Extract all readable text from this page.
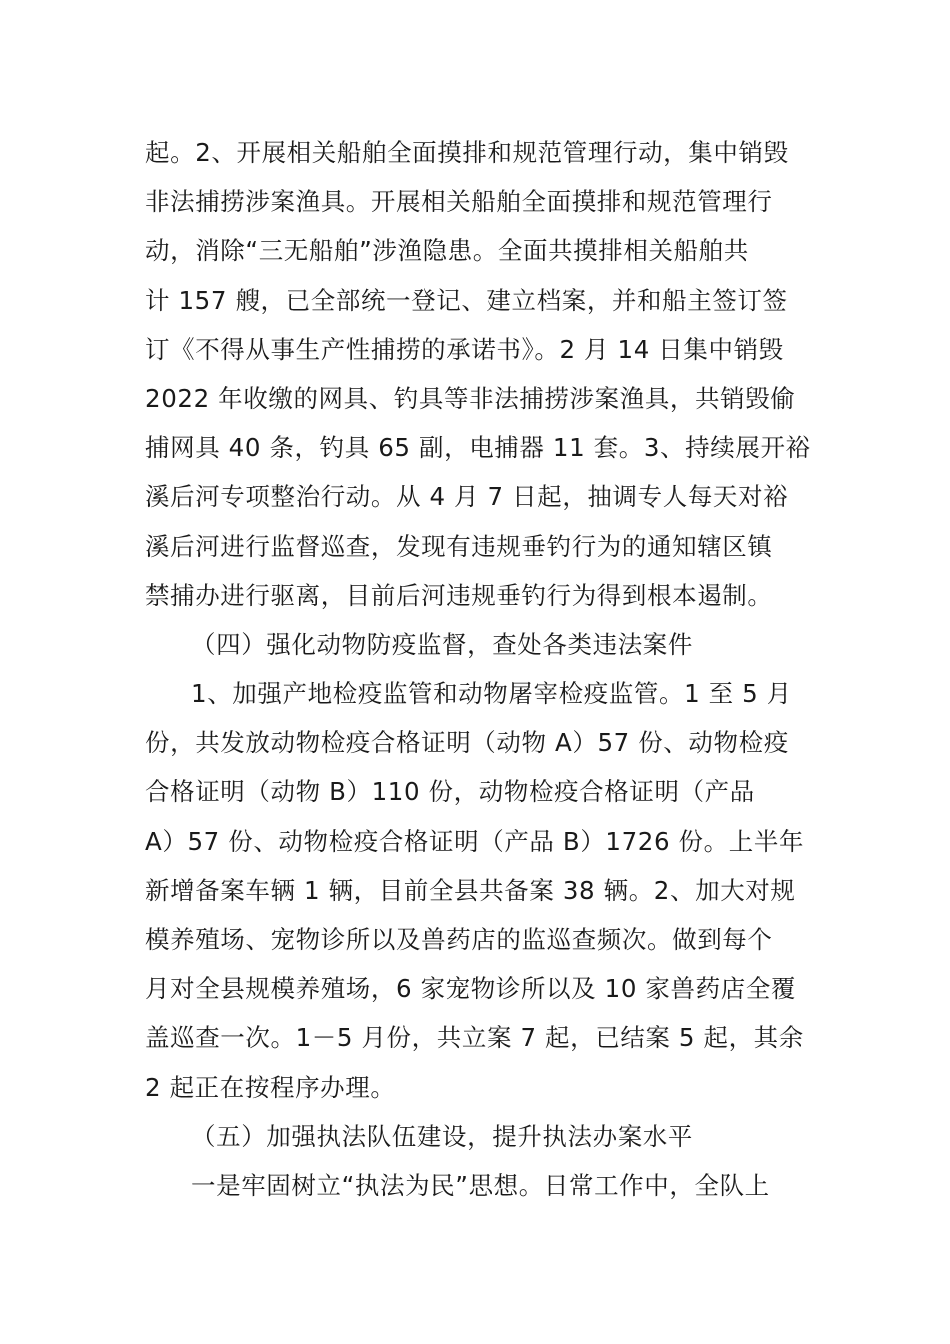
起。2、开展相关船舶全面摸排和规范管理行动，集中销毁
非法捕捞涉案渔具。开展相关船舶全面摸排和规范管理行
动，消除“三无船舶”涉渔隐患。全面共摸排相关船舶共
计 157 艘，已全部统一登记、建立档案，并和船主签订签
订《不得从事生产性捕捞的承诺书》。2 月 14 日集中销毁
2022 年收缴的网具、钓具等非法捕捞涉案渔具，共销毁偷
捕网具 40 条，钓具 65 副，电捕器 11 套。3、持续展开裕
溪后河专项整治行动。从 4 月 7 日起，抽调专人每天对裕
溪后河进行监督巡查，发现有违规垂钓行为的通知辖区镇
禁捕办进行驱离，目前后河违规垂钓行为得到根本遏制。
（四）强化动物防疫监督，查处各类违法案件
1、加强产地检疫监管和动物屠宰检疫监管。1 至 5 月
份，共发放动物检疫合格证明（动物 A）57 份、动物检疫
合格证明（动物 B）110 份，动物检疫合格证明（产品
A）57 份、动物检疫合格证明（产品 B）1726 份。上半年
新增备案车辆 1 辆，目前全县共备案 38 辆。2、加大对规
模养殖场、宠物诊所以及兽药店的监巡查频次。做到每个
月对全县规模养殖场，6 家宠物诊所以及 10 家兽药店全覆
盖巡查一次。1－5 月份，共立案 7 起，已结案 5 起，其余
2 起正在按程序办理。
（五）加强执法队伍建设，提升执法办案水平
一是牢固树立“执法为民”思想。日常工作中，全队上
